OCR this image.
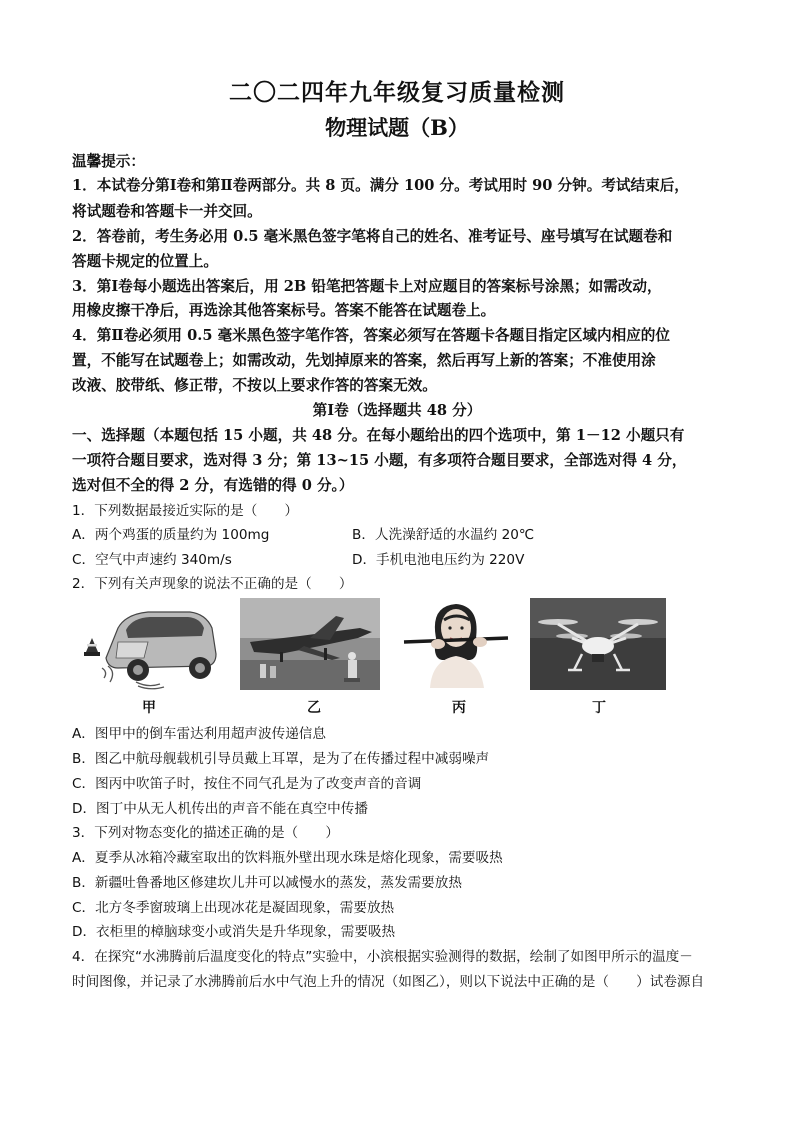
二〇二四年九年级复习质量检测
物理试题（B）
温馨提示：
1．本试卷分第Ⅰ卷和第Ⅱ卷两部分。共 8 页。满分 100 分。考试用时 90 分钟。考试结束后，
将试题卷和答题卡一并交回。
2．答卷前，考生务必用 0.5 毫米黑色签字笔将自己的姓名、准考证号、座号填写在试题卷和
答题卡规定的位置上。
3．第Ⅰ卷每小题选出答案后，用 2B 铅笔把答题卡上对应题目的答案标号涂黑；如需改动，
用橡皮擦干净后，再选涂其他答案标号。答案不能答在试题卷上。
4．第Ⅱ卷必须用 0.5 毫米黑色签字笔作答，答案必须写在答题卡各题目指定区域内相应的位
置，不能写在试题卷上；如需改动，先划掉原来的答案，然后再写上新的答案；不准使用涂
改液、胶带纸、修正带，不按以上要求作答的答案无效。
第Ⅰ卷（选择题共 48 分）
一、选择题（本题包括 15 小题，共 48 分。在每小题给出的四个选项中，第 1－12 小题只有
一项符合题目要求，选对得 3 分；第 13~15 小题，有多项符合题目要求，全部选对得 4 分，
选对但不全的得 2 分，有选错的得 0 分。）
1．下列数据最接近实际的是（　　）
A．两个鸡蛋的质量约为 100mg	B．人洗澡舒适的水温约 20℃
C．空气中声速约 340m/s	D．手机电池电压约为 220V
2．下列有关声现象的说法不正确的是（　　）
甲	乙	丙	丁
A．图甲中的倒车雷达利用超声波传递信息
B．图乙中航母舰载机引导员戴上耳罩，是为了在传播过程中减弱噪声
C．图丙中吹笛子时，按住不同气孔是为了改变声音的音调
D．图丁中从无人机传出的声音不能在真空中传播
3．下列对物态变化的描述正确的是（　　）
A．夏季从冰箱冷藏室取出的饮料瓶外壁出现水珠是熔化现象，需要吸热
B．新疆吐鲁番地区修建坎儿井可以减慢水的蒸发，蒸发需要放热
C．北方冬季窗玻璃上出现冰花是凝固现象，需要放热
D．衣柜里的樟脑球变小或消失是升华现象，需要吸热
4．在探究“水沸腾前后温度变化的特点”实验中，小滨根据实验测得的数据，绘制了如图甲所示的温度－
时间图像，并记录了水沸腾前后水中气泡上升的情况（如图乙），则以下说法中正确的是（　　）试卷源自
